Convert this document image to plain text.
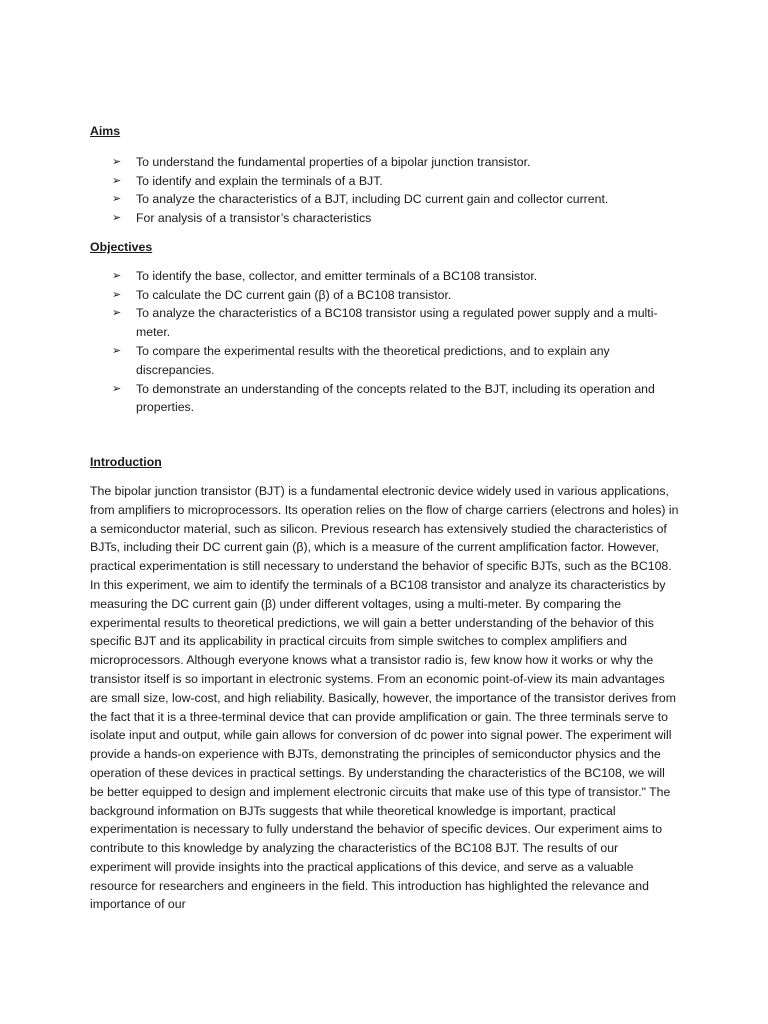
Aims

➢ To understand the fundamental properties of a bipolar junction transistor.
➢ To identify and explain the terminals of a BJT.
➢ To analyze the characteristics of a BJT, including DC current gain and collector current.
➢ For analysis of a transistor’s characteristics

Objectives

➢ To identify the base, collector, and emitter terminals of a BC108 transistor.
➢ To calculate the DC current gain (β) of a BC108 transistor.
➢ To analyze the characteristics of a BC108 transistor using a regulated power supply and a multi-meter.
➢ To compare the experimental results with the theoretical predictions, and to explain any discrepancies.
➢ To demonstrate an understanding of the concepts related to the BJT, including its operation and properties.

Introduction

The bipolar junction transistor (BJT) is a fundamental electronic device widely used in various applications, from amplifiers to microprocessors. Its operation relies on the flow of charge carriers (electrons and holes) in a semiconductor material, such as silicon. Previous research has extensively studied the characteristics of BJTs, including their DC current gain (β), which is a measure of the current amplification factor. However, practical experimentation is still necessary to understand the behavior of specific BJTs, such as the BC108. In this experiment, we aim to identify the terminals of a BC108 transistor and analyze its characteristics by measuring the DC current gain (β) under different voltages, using a multi-meter. By comparing the experimental results to theoretical predictions, we will gain a better understanding of the behavior of this specific BJT and its applicability in practical circuits from simple switches to complex amplifiers and microprocessors. Although everyone knows what a transistor radio is, few know how it works or why the transistor itself is so important in electronic systems. From an economic point-of-view its main advantages are small size, low-cost, and high reliability. Basically, however, the importance of the transistor derives from the fact that it is a three-terminal device that can provide amplification or gain. The three terminals serve to isolate input and output, while gain allows for conversion of dc power into signal power. The experiment will provide a hands-on experience with BJTs, demonstrating the principles of semiconductor physics and the operation of these devices in practical settings. By understanding the characteristics of the BC108, we will be better equipped to design and implement electronic circuits that make use of this type of transistor." The background information on BJTs suggests that while theoretical knowledge is important, practical experimentation is necessary to fully understand the behavior of specific devices. Our experiment aims to contribute to this knowledge by analyzing the characteristics of the BC108 BJT. The results of our experiment will provide insights into the practical applications of this device, and serve as a valuable resource for researchers and engineers in the field. This introduction has highlighted the relevance and importance of our
